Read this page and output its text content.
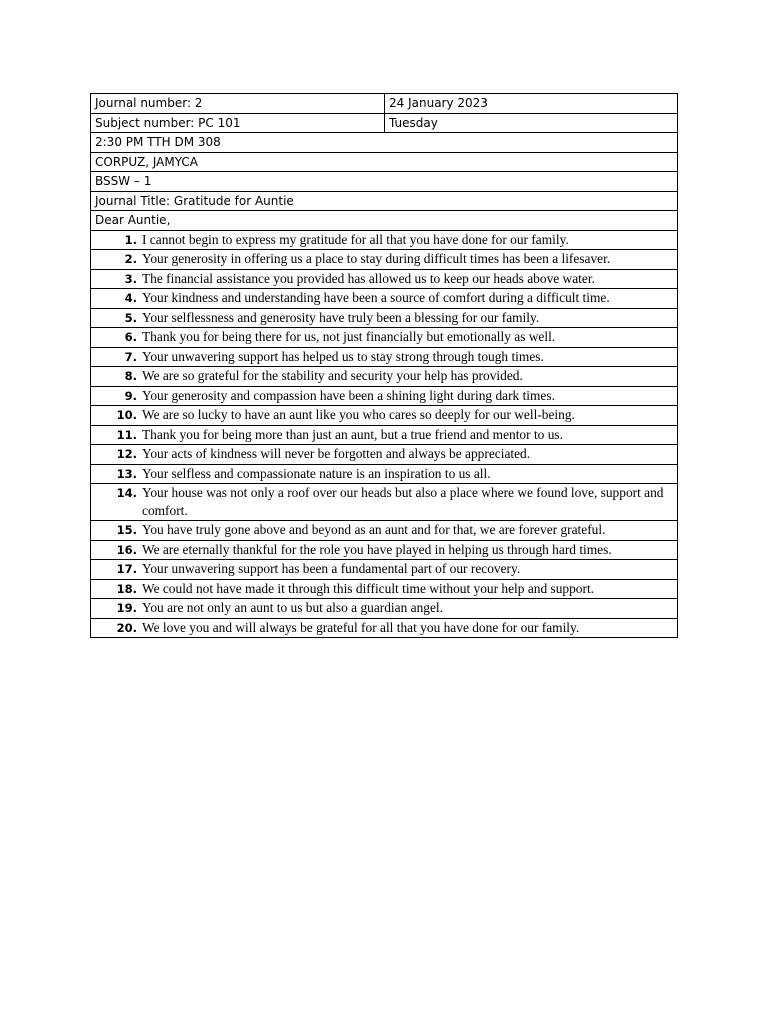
Journal number: 2	24 January 2023
Subject number: PC 101	Tuesday
2:30 PM TTH DM 308	
CORPUZ, JAMYCA	
BSSW – 1	
Journal Title: Gratitude for Auntie	
Dear Auntie,	

1. I cannot begin to express my gratitude for all that you have done for our family.	

2. Your generosity in offering us a place to stay during difficult times has been a lifesaver.	

3. The financial assistance you provided has allowed us to keep our heads above water.	

4. Your kindness and understanding have been a source of comfort during a difficult time.	

5. Your selflessness and generosity have truly been a blessing for our family.	

6. Thank you for being there for us, not just financially but emotionally as well.	

7. Your unwavering support has helped us to stay strong through tough times.	

8. We are so grateful for the stability and security your help has provided.	

9. Your generosity and compassion have been a shining light during dark times.	

10. We are so lucky to have an aunt like you who cares so deeply for our well-being.	

11. Thank you for being more than just an aunt, but a true friend and mentor to us.	

12. Your acts of kindness will never be forgotten and always be appreciated.	

13. Your selfless and compassionate nature is an inspiration to us all.	

14. Your house was not only a roof over our heads but also a place where we found love, support and comfort.	

15. You have truly gone above and beyond as an aunt and for that, we are forever grateful.	

16. We are eternally thankful for the role you have played in helping us through hard times.	

17. Your unwavering support has been a fundamental part of our recovery.	

18. We could not have made it through this difficult time without your help and support.	

19. You are not only an aunt to us but also a guardian angel.	

20. We love you and will always be grateful for all that you have done for our family.	
